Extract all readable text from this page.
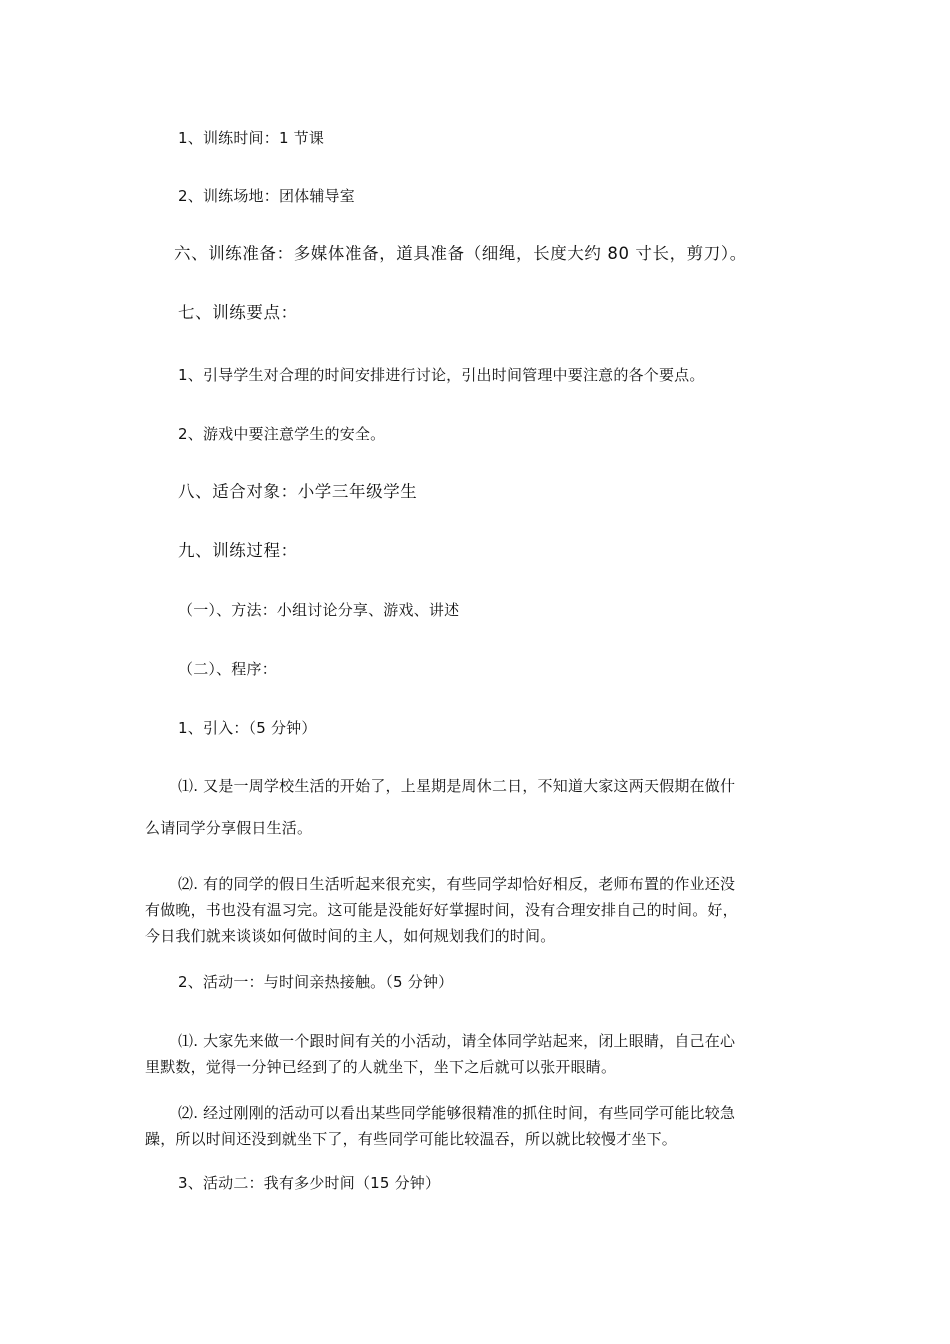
1、训练时间：1 节课
2、训练场地：团体辅导室
六、训练准备：多媒体准备，道具准备（细绳，长度大约 80 寸长，剪刀）。
七、训练要点：
1、引导学生对合理的时间安排进行讨论，引出时间管理中要注意的各个要点。
2、游戏中要注意学生的安全。
八、适合对象：小学三年级学生
九、训练过程：
（一）、方法：小组讨论分享、游戏、讲述
（二）、程序：
1、引入：（5 分钟）
⑴. 又是一周学校生活的开始了，上星期是周休二日，不知道大家这两天假期在做什
么请同学分享假日生活。
⑵. 有的同学的假日生活听起来很充实，有些同学却恰好相反，老师布置的作业还没
有做晚，书也没有温习完。这可能是没能好好掌握时间，没有合理安排自己的时间。好，
今日我们就来谈谈如何做时间的主人，如何规划我们的时间。
2、活动一：与时间亲热接触。（5 分钟）
⑴. 大家先来做一个跟时间有关的小活动，请全体同学站起来，闭上眼睛，自己在心
里默数，觉得一分钟已经到了的人就坐下，坐下之后就可以张开眼睛。
⑵. 经过刚刚的活动可以看出某些同学能够很精准的抓住时间，有些同学可能比较急
躁，所以时间还没到就坐下了，有些同学可能比较温吞，所以就比较慢才坐下。
3、活动二：我有多少时间（15 分钟）
